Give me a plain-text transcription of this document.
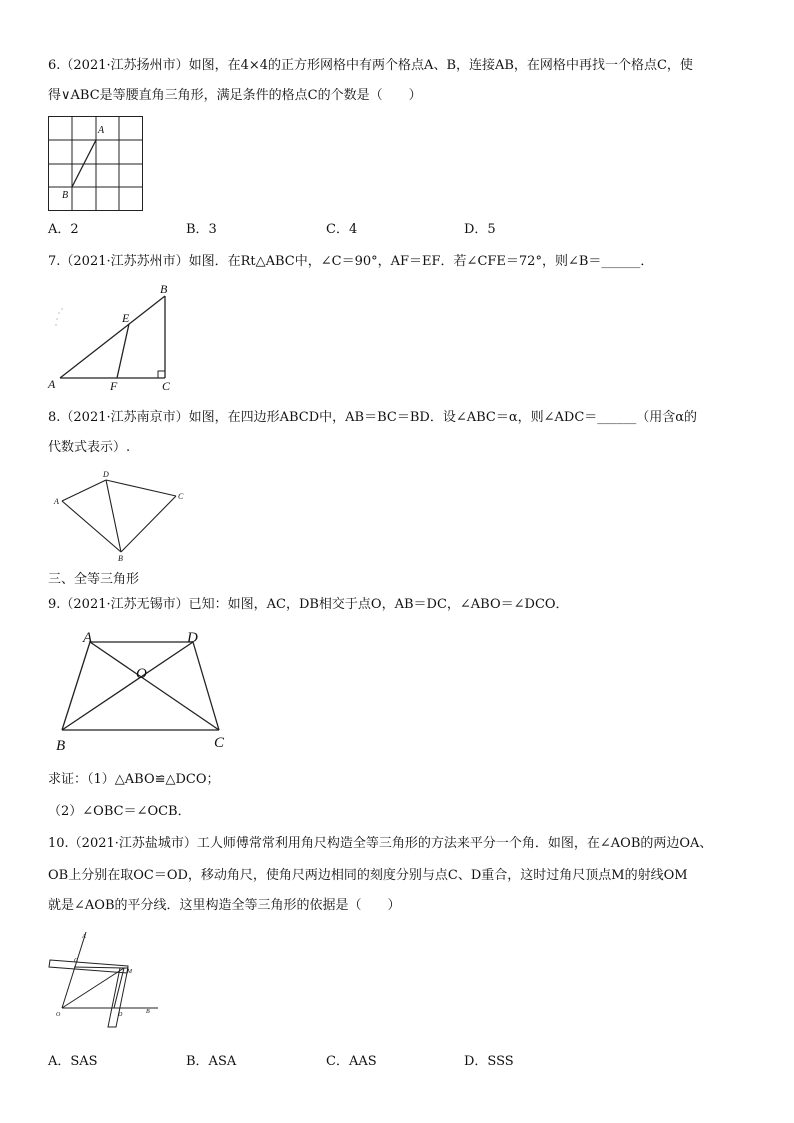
6.（2021·江苏扬州市）如图，在4×4的正方形网格中有两个格点A、B，连接AB，在网格中再找一个格点C，使
得∨ABC是等腰直角三角形，满足条件的格点C的个数是（　　）
A
B
A．2	B．3	C．4	D．5
7.（2021·江苏苏州市）如图．在Rt△ABC中，∠C＝90°，AF＝EF．若∠CFE＝72°，则∠B＝______．
B
E
A	F	C
8.（2021·江苏南京市）如图，在四边形ABCD中，AB＝BC＝BD．设∠ABC＝α，则∠ADC＝______（用含α的
代数式表示）.
D
A
C
B
三、全等三角形
9.（2021·江苏无锡市）已知：如图，AC，DB相交于点O，AB＝DC，∠ABO＝∠DCO．
A	D
O
B	C
求证：（1）△ABO≌△DCO；
（2）∠OBC＝∠OCB．
10.（2021·江苏盐城市）工人师傅常常利用角尺构造全等三角形的方法来平分一个角．如图，在∠AOB的两边OA、
OB上分别在取OC＝OD，移动角尺，使角尺两边相同的刻度分别与点C、D重合，这时过角尺顶点M的射线OM
就是∠AOB的平分线．这里构造全等三角形的依据是（　　）
A
C
M
O	D	B
A．SAS	B．ASA	C．AAS	D．SSS
